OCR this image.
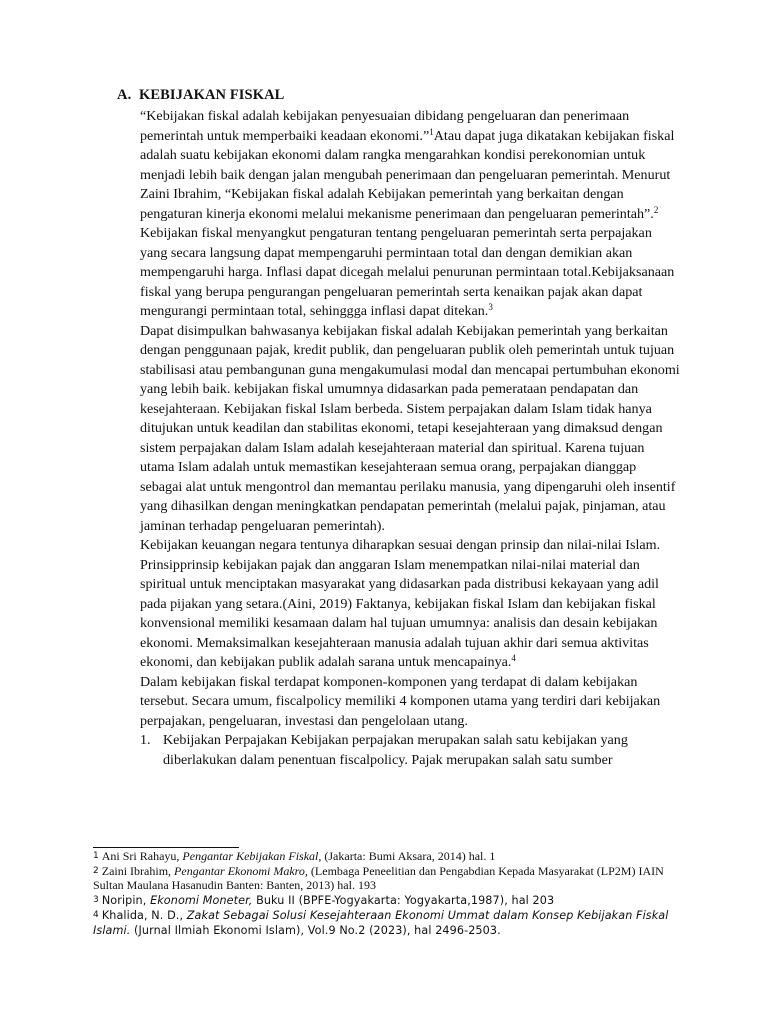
A. KEBIJAKAN FISKAL

“Kebijakan fiskal adalah kebijakan penyesuaian dibidang pengeluaran dan penerimaan pemerintah untuk memperbaiki keadaan ekonomi.”$^1$Atau dapat juga dikatakan kebijakan fiskal adalah suatu kebijakan ekonomi dalam rangka mengarahkan kondisi perekonomian untuk menjadi lebih baik dengan jalan mengubah penerimaan dan pengeluaran pemerintah. Menurut Zaini Ibrahim, “Kebijakan fiskal adalah Kebijakan pemerintah yang berkaitan dengan pengaturan kinerja ekonomi melalui mekanisme penerimaan dan pengeluaran pemerintah”.$^2$ Kebijakan fiskal menyangkut pengaturan tentang pengeluaran pemerintah serta perpajakan yang secara langsung dapat mempengaruhi permintaan total dan dengan demikian akan mempengaruhi harga. Inflasi dapat dicegah melalui penurunan permintaan total.Kebijaksanaan fiskal yang berupa pengurangan pengeluaran pemerintah serta kenaikan pajak akan dapat mengurangi permintaan total, sehinggga inflasi dapat ditekan.$^3$

Dapat disimpulkan bahwasanya kebijakan fiskal adalah Kebijakan pemerintah yang berkaitan dengan penggunaan pajak, kredit publik, dan pengeluaran publik oleh pemerintah untuk tujuan stabilisasi atau pembangunan guna mengakumulasi modal dan mencapai pertumbuhan ekonomi yang lebih baik. kebijakan fiskal umumnya didasarkan pada pemerataan pendapatan dan kesejahteraan. Kebijakan fiskal Islam berbeda. Sistem perpajakan dalam Islam tidak hanya ditujukan untuk keadilan dan stabilitas ekonomi, tetapi kesejahteraan yang dimaksud dengan sistem perpajakan dalam Islam adalah kesejahteraan material dan spiritual. Karena tujuan utama Islam adalah untuk memastikan kesejahteraan semua orang, perpajakan dianggap sebagai alat untuk mengontrol dan memantau perilaku manusia, yang dipengaruhi oleh insentif yang dihasilkan dengan meningkatkan pendapatan pemerintah (melalui pajak, pinjaman, atau jaminan terhadap pengeluaran pemerintah).

Kebijakan keuangan negara tentunya diharapkan sesuai dengan prinsip dan nilai-nilai Islam. Prinsipprinsip kebijakan pajak dan anggaran Islam menempatkan nilai-nilai material dan spiritual untuk menciptakan masyarakat yang didasarkan pada distribusi kekayaan yang adil pada pijakan yang setara.(Aini, 2019) Faktanya, kebijakan fiskal Islam dan kebijakan fiskal konvensional memiliki kesamaan dalam hal tujuan umumnya: analisis dan desain kebijakan ekonomi. Memaksimalkan kesejahteraan manusia adalah tujuan akhir dari semua aktivitas ekonomi, dan kebijakan publik adalah sarana untuk mencapainya.$^4$

Dalam kebijakan fiskal terdapat komponen-komponen yang terdapat di dalam kebijakan tersebut. Secara umum, fiscalpolicy memiliki 4 komponen utama yang terdiri dari kebijakan perpajakan, pengeluaran, investasi dan pengelolaan utang.

1. Kebijakan Perpajakan Kebijakan perpajakan merupakan salah satu kebijakan yang diberlakukan dalam penentuan fiscalpolicy. Pajak merupakan salah satu sumber

1 Ani Sri Rahayu, Pengantar Kebijakan Fiskal, (Jakarta: Bumi Aksara, 2014) hal. 1

2 Zaini Ibrahim, Pengantar Ekonomi Makro, (Lembaga Peneelitian dan Pengabdian Kepada Masyarakat (LP2M) IAIN Sultan Maulana Hasanudin Banten: Banten, 2013) hal. 193

3 Noripin, Ekonomi Moneter, Buku II (BPFE-Yogyakarta: Yogyakarta,1987), hal 203

4 Khalida, N. D., Zakat Sebagai Solusi Kesejahteraan Ekonomi Ummat dalam Konsep Kebijakan Fiskal Islami. (Jurnal Ilmiah Ekonomi Islam), Vol.9 No.2 (2023), hal 2496-2503.
